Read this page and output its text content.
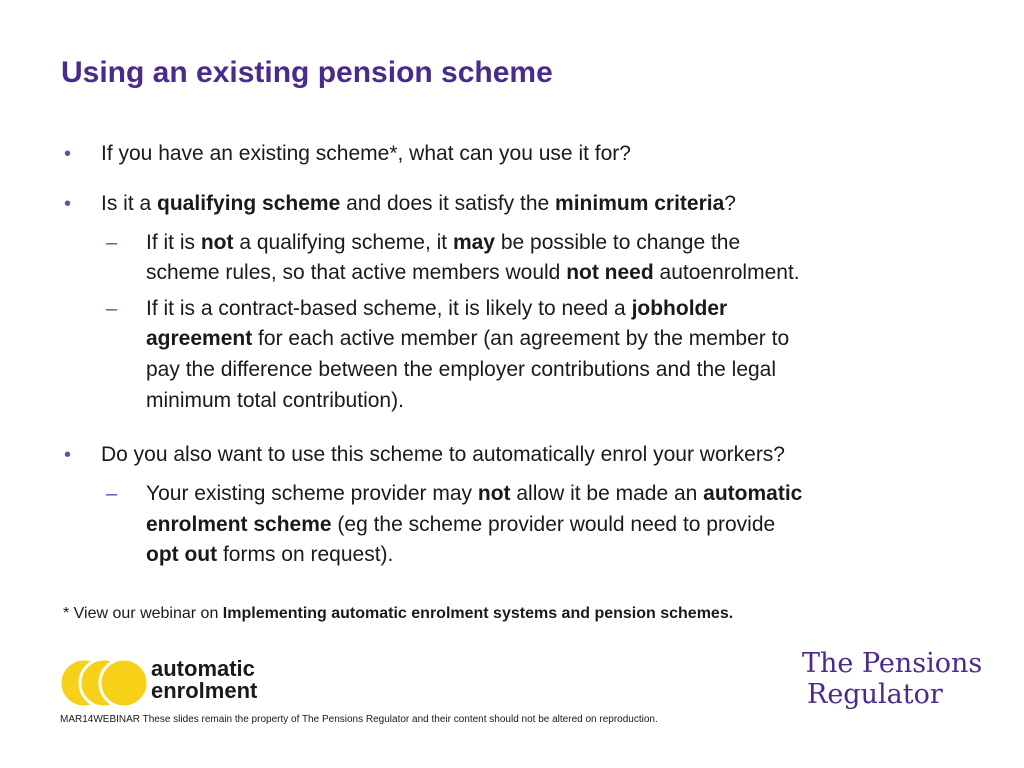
Using an existing pension scheme
• If you have an existing scheme*, what can you use it for?
• Is it a qualifying scheme and does it satisfy the minimum criteria?
– If it is not a qualifying scheme, it may be possible to change the
scheme rules, so that active members would not need autoenrolment.
– If it is a contract-based scheme, it is likely to need a jobholder
agreement for each active member (an agreement by the member to
pay the difference between the employer contributions and the legal
minimum total contribution).
• Do you also want to use this scheme to automatically enrol your workers?
– Your existing scheme provider may not allow it be made an automatic
enrolment scheme (eg the scheme provider would need to provide
opt out forms on request).
* View our webinar on Implementing automatic enrolment systems and pension schemes.
automatic
enrolment
The Pensions
Regulator
MAR14WEBINAR These slides remain the property of The Pensions Regulator and their content should not be altered on reproduction.
